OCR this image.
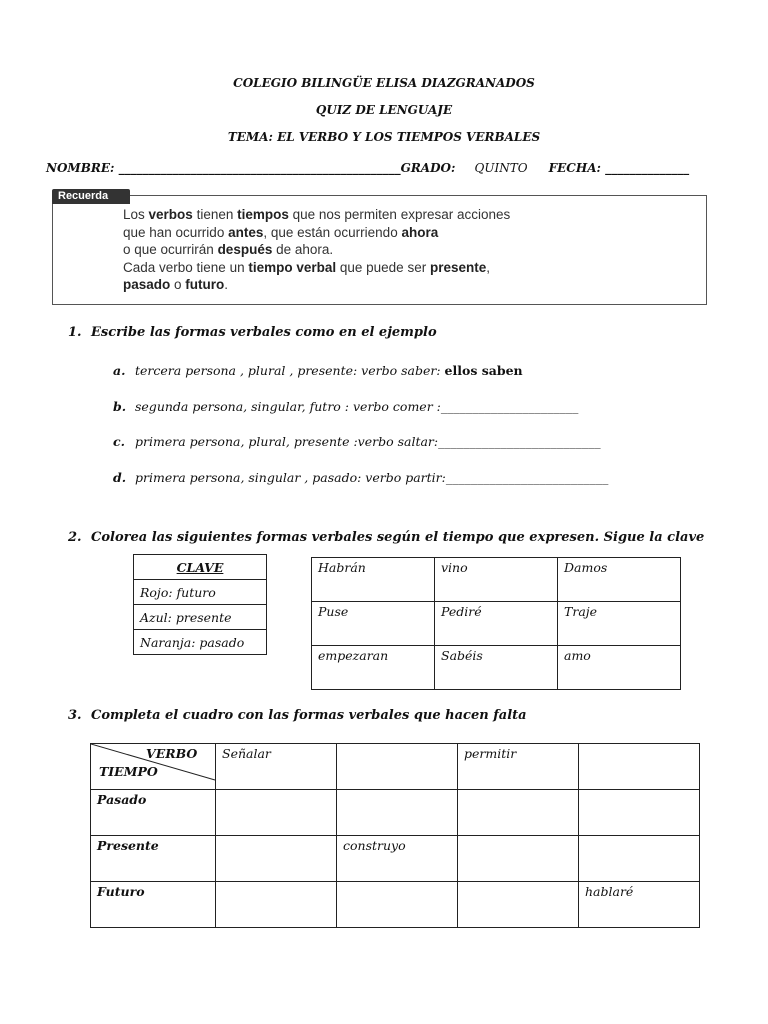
COLEGIO BILINGÜE ELISA DIAZGRANADOS
QUIZ DE LENGUAJE
TEMA: EL VERBO Y LOS TIEMPOS VERBALES
NOMBRE: _______________________________________________GRADO: QUINTO FECHA: ______________
Recuerda
Los verbos tienen tiempos que nos permiten expresar acciones
que han ocurrido antes, que están ocurriendo ahora
o que ocurrirán después de ahora.
Cada verbo tiene un tiempo verbal que puede ser presente,
pasado o futuro.
1. Escribe las formas verbales como en el ejemplo
a. tercera persona , plural , presente: verbo saber: ellos saben
b. segunda persona, singular, futro : verbo comer :______________________
c. primera persona, plural, presente :verbo saltar:__________________________
d. primera persona, singular , pasado: verbo partir:__________________________
2. Colorea las siguientes formas verbales según el tiempo que expresen. Sigue la clave
CLAVE
Rojo: futuro
Azul: presente
Naranja: pasado
Habrán	vino	Damos
Puse	Pediré	Traje
empezaran	Sabéis	amo
3. Completa el cuadro con las formas verbales que hacen falta
VERBO
TIEMPO	Señalar		permitir	
Pasado				
Presente		construyo		
Futuro				hablaré
